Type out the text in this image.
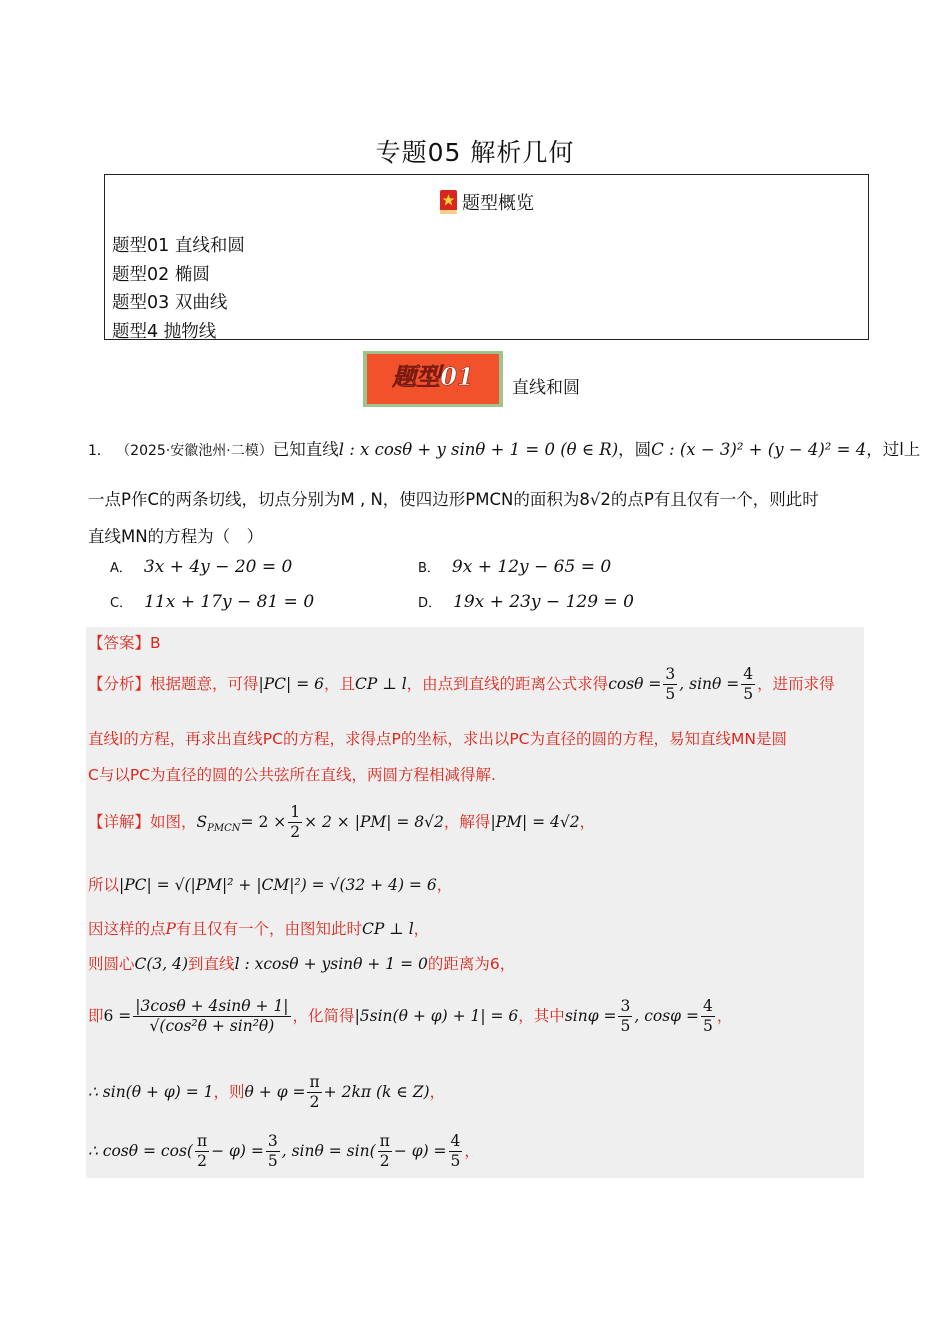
专题05 解析几何
题型概览
题型01 直线和圆
题型02 椭圆
题型03 双曲线
题型4 抛物线
题型01 直线和圆
1． （2025·安徽池州·二模）已知直线l : x cosθ + y sinθ + 1 = 0 (θ ∈ R)，圆C : (x − 3)² + (y − 4)² = 4，过l上
一点P作C的两条切线，切点分别为M , N，使四边形PMCN的面积为8√2的点P有且仅有一个，则此时
直线MN的方程为（　）
A． 3x + 4y − 20 = 0	B． 9x + 12y − 65 = 0
C． 11x + 17y − 81 = 0	D． 19x + 23y − 129 = 0
【答案】B
【分析】根据题意，可得|PC| = 6，且CP ⊥ l，由点到直线的距离公式求得$\cos\theta = \frac{3}{5}$ , $\sin\theta = \frac{4}{5}$ ，进而求得
直线l的方程，再求出直线PC的方程，求得点P的坐标，求出以PC为直径的圆的方程，易知直线MN是圆
C与以PC为直径的圆的公共弦所在直线，两圆方程相减得解.
【详解】如图，$S_{PMCN}= 2 \times \frac{1}{2} \times 2 \times |PM| = 8√2$，解得|PM| = 4√2，
所以|PC| = √(|PM|² + |CM|²) = √(32 + 4) = 6，
因这样的点P有且仅有一个，由图知此时CP ⊥ l，
则圆心C(3, 4)到直线l : xcosθ + ysinθ + 1 = 0的距离为6，
即$6 = \frac{|3\cos\theta + 4\sin\theta + 1|}{\text{√(cos²θ + sin²θ)}}$ ，化简得|5sin(θ + φ) + 1| = 6，其中$\sin\varphi = \frac{3}{5}$ , $\cos\varphi = \frac{4}{5}$ ，
∴ sin(θ + φ) = 1，则$\theta + \varphi = \frac{\pi}{2} + 2k\pi$ (k ∈ Z)，
∴ $\cos\theta = \cos( \frac{\pi}{2} - \varphi) = \frac{3}{5}$ , $\sin\theta = \sin( \frac{\pi}{2} - \varphi) = \frac{4}{5}$ ，
